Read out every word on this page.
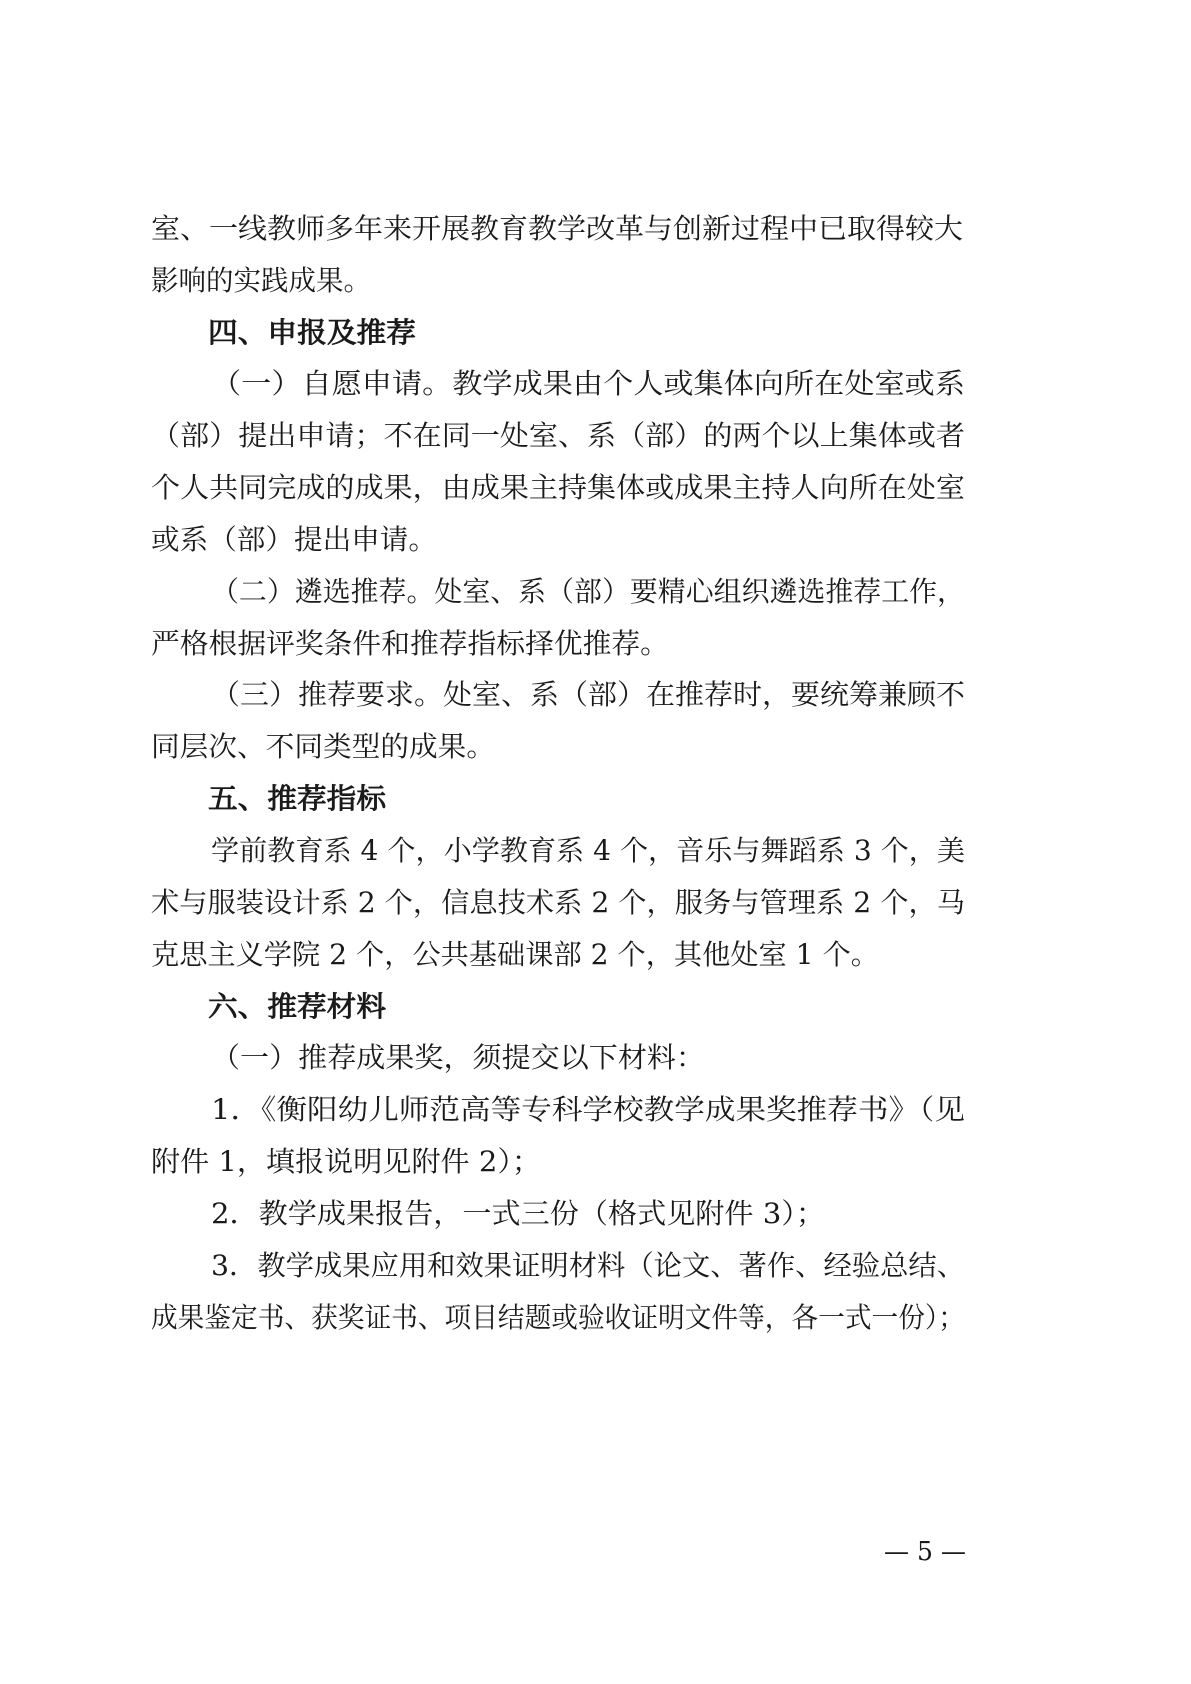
室、一线教师多年来开展教育教学改革与创新过程中已取得较大
影响的实践成果。
四、申报及推荐
（一）自愿申请。教学成果由个人或集体向所在处室或系
（部）提出申请；不在同一处室、系（部）的两个以上集体或者
个人共同完成的成果，由成果主持集体或成果主持人向所在处室
或系（部）提出申请。
（二）遴选推荐。处室、系（部）要精心组织遴选推荐工作，
严格根据评奖条件和推荐指标择优推荐。
（三）推荐要求。处室、系（部）在推荐时，要统筹兼顾不
同层次、不同类型的成果。
五、推荐指标
学前教育系 4 个，小学教育系 4 个，音乐与舞蹈系 3 个，美
术与服装设计系 2 个，信息技术系 2 个，服务与管理系 2 个，马
克思主义学院 2 个，公共基础课部 2 个，其他处室 1 个。
六、推荐材料
（一）推荐成果奖，须提交以下材料：
1．《衡阳幼儿师范高等专科学校教学成果奖推荐书》（见
附件 1，填报说明见附件 2）；
2．教学成果报告，一式三份（格式见附件 3）；
3．教学成果应用和效果证明材料（论文、著作、经验总结、
成果鉴定书、获奖证书、项目结题或验收证明文件等，各一式一份）；
— 5 —
